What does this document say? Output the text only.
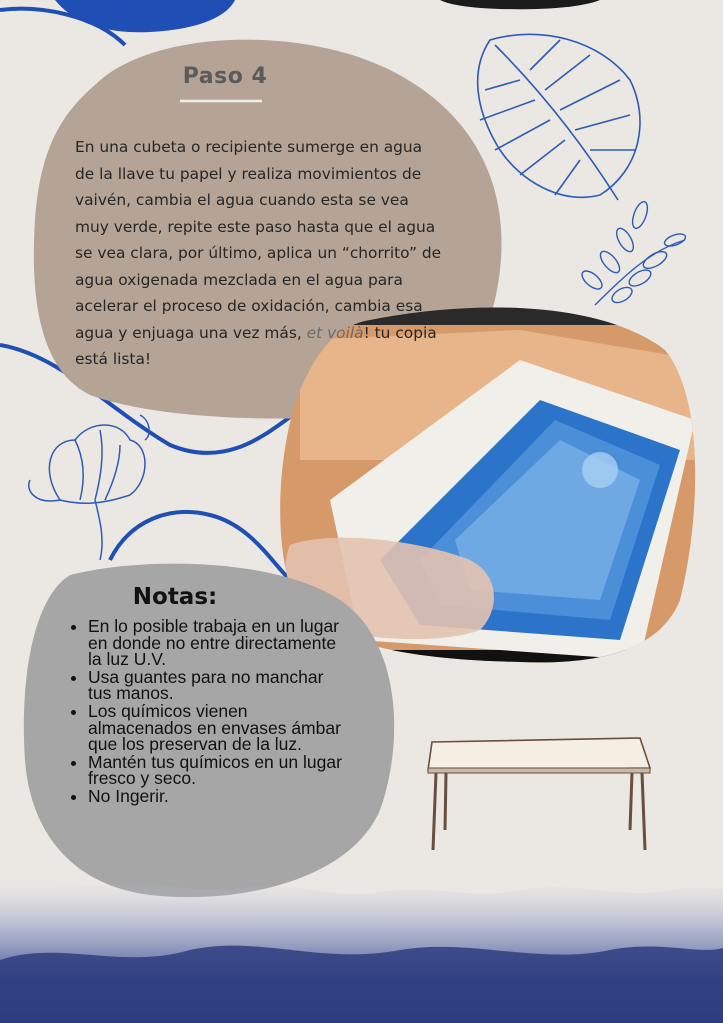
Paso 4

En una cubeta o recipiente sumerge en agua de la llave tu papel y realiza movimientos de vaivén, cambia el agua cuando esta se vea muy verde, repite este paso hasta que el agua se vea clara, por último, aplica un “chorrito” de agua oxigenada mezclada en el agua para acelerar el proceso de oxidación, cambia esa agua y enjuaga una vez más, et voilà! tu copia está lista!

Notas:
• En lo posible trabaja en un lugar en donde no entre directamente la luz U.V.
• Usa guantes para no manchar tus manos.
• Los químicos vienen almacenados en envases ámbar que los preservan de la luz.
• Mantén tus químicos en un lugar fresco y seco.
• No Ingerir.
